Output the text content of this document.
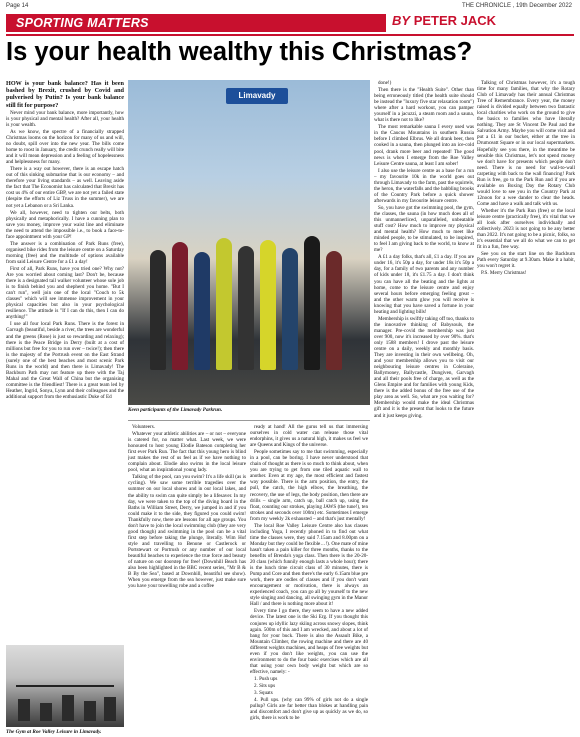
Page 14	THE CHRONICLE , 19th December 2022
SPORTING MATTERS	BY PETER JACK
Is your health wealthy this Christmas?

HOW is your bank balance? Has it been bashed by Brexit, crushed by Covid and pulverised by Putin? Is your bank balance still fit for purpose?

Never mind your bank balance, more importantly, how is your physical and mental health? After all, your health is your wealth.

As we know, the spectre of a financially strapped Christmas looms on the horizon for many of us and will, no doubt, spill over into the new year. The bills come home to roost in January, the credit crunch really will bite and it will mean depression and a feeling of hopelessness and helplessness for many.

There is a way out however, there is an escape hatch out of this sinking submarine that is our economy – and therefore your living standards – as well. Leaving aside the fact that The Economist has calculated that Brexit has cost us 4% of our entire GBP, we are not yet a failed state (despite the efforts of Liz Truss in the summer), we are not yet a Lebanon or a Sri Lanka.

We all, however, need to tighten our belts, both physically and metaphorically. I have a cunning plan to save you money, improve your waist line and eliminate the need to attend the impossible i.e., to book a face-to-face appointment with your GP!

The answer is a combination of Park Runs (free), organised bike rides from the leisure centre on a Saturday morning (free) and the multitude of options available from said Leisure Centre for a £1 a day!

First of all, Park Runs, have you tried one? Why not? Are you worried about coming last? Don't be, because there is a designated tail walker volunteer whose sole job is to finish behind you and shepherd you home. "But I can't run", well join one of the local "Couch to 5k classes" which will see immense improvement in your physical capacities but also in your psychological resilience. The attitude is "If I can do this, then I can do anything!"

I use all four local Park Runs. There is the forest in Garvagh (beautiful, beside a river, the trees are wonderful and the greens (Rose) is just so rewarding and relaxing); there is the Peace Bridge in Derry (built at a cost of millions but free for you to run over – twice!); then there is the majesty of the Portrush event on the East Strand (surely one of the best beaches and most scenic Park Runs in the world) and then there is Limavady! The Backburn Path may not feature up there with the Taj Mahal and the Great Wall of China but the organising committee is the friendliest! There is a great team led by Heather, Ingrid, Sonya, Lynn and their colleagues and the additional support from the enthusiastic Duke of Ed

Limavady
Keen participants of the Limavady Parkrun.

Volunteers.

Whatever your athletic abilities are – or not – everyone is catered for, no matter what. Last week, we were honoured to host young Elodie Bateson completing her first ever Park Run. The fact that this young hero is blind just makes the rest of us feel as if we have nothing to complain about. Elodie also swims in the local leisure pool, what an inspirational young lady.

Talking of the pool, can you swim? It's a life skill (as is cycling). We saw some terrible tragedies over the summer on our local shores and in our local lakes, and the ability to swim can quite simply be a lifesaver. In my day, we were taken to the top of the diving board in the Baths in William Street, Derry, we jumped in and if you could make it to the side, they figured you could swim! Thankfully now, there are lessons for all age groups. You don't have to join the local swimming club (they are very good though) and swimming in the pool can be a vital first step before taking the plunge, literally. Wim Hof style and travelling to Benone or Castlerock or Portstewart or Portrush or any number of our local beautiful beaches to experience the true force and beauty of nature on our doorstep for free! (Downhill Beach has also been highlighted in the BBC recent series, "Mr B & B By the Sea", based at Downhill, beautiful see show). When you emerge from the sea however, just make sure you have your towelling robe and a coffee

ready at hand! All the gurus tell us that immersing ourselves in cold water can release those vital endorphins, it gives us a natural high, it makes us feel we are Queens and Kings of the universe.

People sometimes say to me that swimming, especially in a pool, can be boring. I have never understood that chain of thought as there is so much to think about, when you are trying to get from one tiled aquatic wall to another. Even at my age, the most efficient and fastest way possible. There is the arm position, the entry, the pull, the catch, the high elbow, the breathing, the recovery, the use of legs, the body position, then there are drills – single arm, catch up, ball catch up, using the float, counting our strokes, playing JAWS (the tune!), ten strokes and seconds over 100m) etc. Sometimes I emerge from my weekly 2k exhausted – and that's just mentally!

The local Roe Valley Leisure Centre also has classes including Yoga, I recently phoned in to find out what time the classes were, they said 7.15am and 8.00pm on a Monday but they could be flexible…!). One mate of mine hasn't taken a pain killer for three months, thanks to the benefits of Brenda's yoga class. Then there is the 20-20-20 class (which funnily enough lasts a whole hour); there is the lunch time circuit class of 30 minutes, there is Pump and Core and then there's the early 6.15am blue pre work, there are oodles of classes and if you don't want encouragement or motivation, there is always an experienced coach, you can go all by yourself to the new style singing and dancing, all swinging gym in the Manor Hall / and there is nothing more about it!

Every time I go there, they seem to have a new added device. The latest one is the Ski Erg. If you thought this conjures up idyllic lazy skiing across snowy slopes, think again. 500m of this and I am wrecked, and about a lot of bang for your buck. There is also the Assault Bike, a Mountain Climber, the rowing machine and there are 40 different weights machines, and heaps of free weights but even if you don't like weights, you can use the environment to do the four basic exercises which are all that using your own body weight but which are so effective, namely: -

1. Push ups

2. Sits ups

3. Squats

4. Pull ups. (why can 99% of girls not do a single pullup? Girls are far better than blokes at handling pain and discomfort and don't give up as quickly as we do, so girls, there is work to be

done!)

Then there is the "Health Suite". Other than being erroneously titled (the health suite should be instead the "luxury five star relaxation room") where after a hard workout, you can pamper yourself in a jacuzzi, a steam room and a sauna, what is there not to like?

The most remarkable sauna I every used was in the Caucus Mountains in southern Russia before I climbed Elbrus. We all drank beer, then cooked in a sauna, then plunged into an ice-cold pool, drank more beer and repeated! The good news is when I emerge from the Roe Valley Leisure Centre sauna, at least I am sober!

I also use the leisure centre as a base for a run – my favourite 10k in the world goes out through Limavady to the farm, past the squirrels, the heron, the waterfalls and the babbling brooks of the Country Park before a quick shower afterwards in my favourite leisure centre.

So, you have got the swimming pool, the gym, the classes, the sauna (in how much does all of this unmannerliced, unparalleled, unbeatable stuff cost? How much to improve my physical and mental health? How much to meet like minded people, to be stimulated, to be inspired, to feel I am giving back to the world, to know at me?

A £1 a day folks, that's all, £1 a day. If you are under 16, it's 50p a day, for under 18s it's 50p a day, for a family of two parents and any number of kids under 18, it's £1.75 a day. I don't think you can have all the beating and the lights at home, come to the leisure centre and enjoy several hours before emerging feeling great – and the other warm glow you will receive is knowing that you have saved a fortune in your heating and lighting bills!

Membership is swiftly taking off too, thanks to the innovative thinking of Babysouls, the manager. Pre-covid the membership was just over 900, now it's increased by over 90%. that's only 1588 members! I drove past the leisure centre on a daily, weekly and monthly basis. They are investing in their own wellbeing. Oh, and your membership allows you to visit our neighbouring leisure centres in Coleraine, Ballymoney, Ballycastle, Dungiven, Garvagh and all their pools free of charge, as well as the Glens Empire and for families with young Kids, there is the added bonus of the free use of the play area as well. So, what are you waiting for? Membership would make the ideal Christmas gift and it is the present that looks to the future and it just keeps giving.

Talking of Christmas however, it's a tough time for many families, that why the Rotary Club of Limavady has their annual Christmas Tree of Remembrance. Every year, the money raised is divided equally between two fantastic local charities who work on the ground to give the basics to families who have literally nothing. They are St Vincent De Paul and the Salvation Army. Maybe you will come visit and put a £1 in our bucket, either at the tree in Drumceatt Square or in our local supermarkets. Hopefully see you there, in the meantime be sensible this Christmas, let's not spend money we don't have for presents which people don't need. There is no need for wall-to-wall carpeting with back to the wall financing! Park Run is free, go to the Park Run and if you are available on Boxing Day the Rotary Club would love to see you in the Country Park at 12noon for a wee dander to clear the heads. Come and have a walk and talk with us.

Whether it's the Park Run (free) or the local leisure centre (practically free), it's vital that we all look after ourselves individually and collectively. 2023 is not going to be any better than 2022. It's not going to be a picnic, folks, so it's essential that we all do what we can to get fit in a fun, free way.

See you on the start line on the Backburn Path every Saturday at 9.30am. Make it a habit, you won't regret it.

P.S. Merry Christmas!

The Gym at Roe Valley Leisure in Limavady.
